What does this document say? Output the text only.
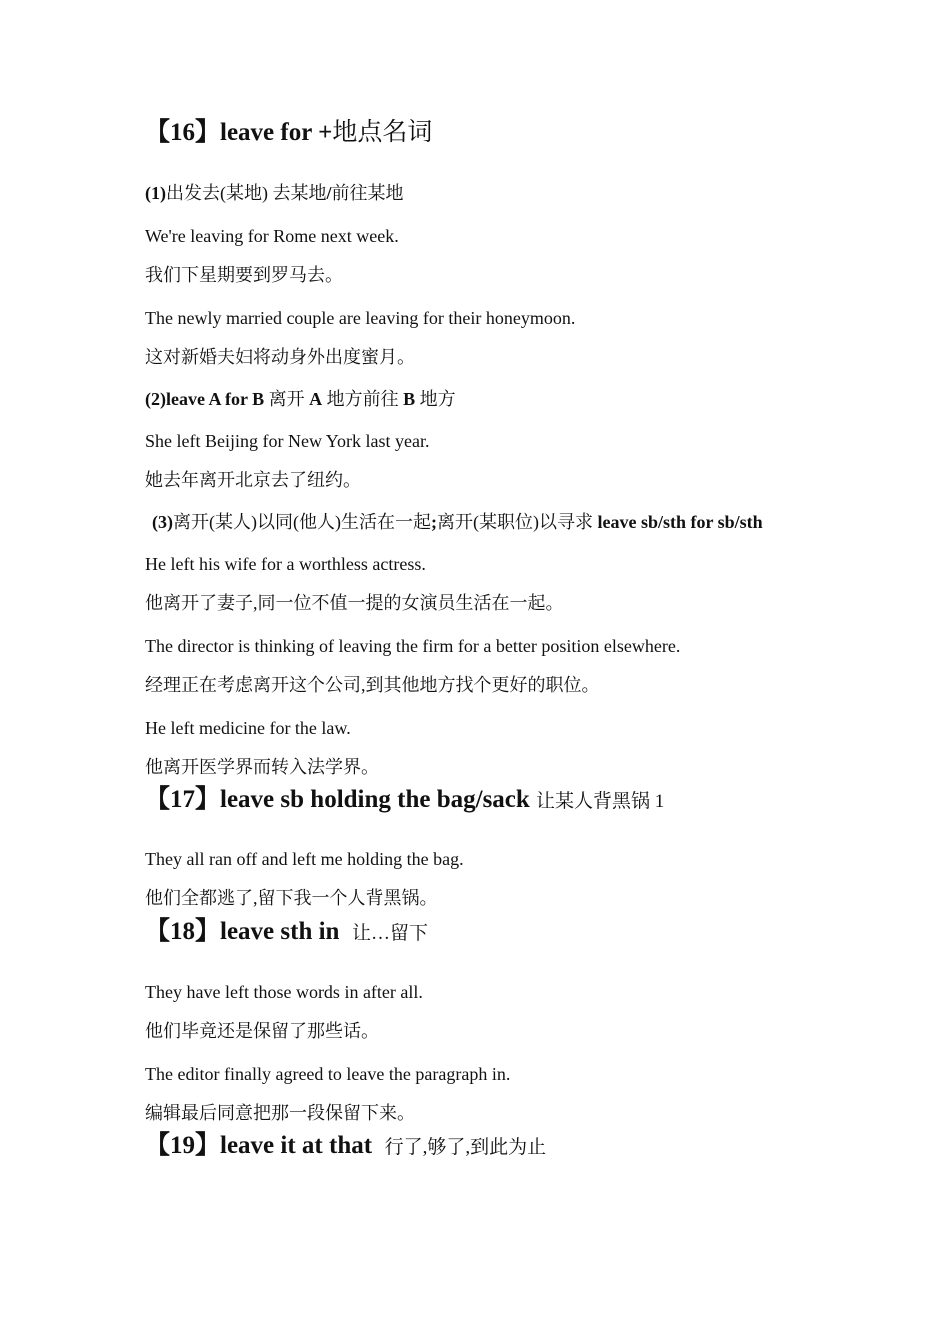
【16】leave for +地点名词
(1)出发去(某地) 去某地/前往某地
We're leaving for Rome next week.
我们下星期要到罗马去。
The newly married couple are leaving for their honeymoon.
这对新婚夫妇将动身外出度蜜月。
(2)leave A for B 离开 A 地方前往 B 地方
She left Beijing for New York last year.
她去年离开北京去了纽约。
(3)离开(某人)以同(他人)生活在一起;离开(某职位)以寻求 leave sb/sth for sb/sth
He left his wife for a worthless actress.
他离开了妻子,同一位不值一提的女演员生活在一起。
The director is thinking of leaving the firm for a better position elsewhere.
经理正在考虑离开这个公司,到其他地方找个更好的职位。
He left medicine for the law.
他离开医学界而转入法学界。
【17】leave sb holding the bag/sack 让某人背黑锅 1
They all ran off and left me holding the bag.
他们全都逃了,留下我一个人背黑锅。
【18】leave sth in 让…留下
They have left those words in after all.
他们毕竟还是保留了那些话。
The editor finally agreed to leave the paragraph in.
编辑最后同意把那一段保留下来。
【19】leave it at that 行了,够了,到此为止
